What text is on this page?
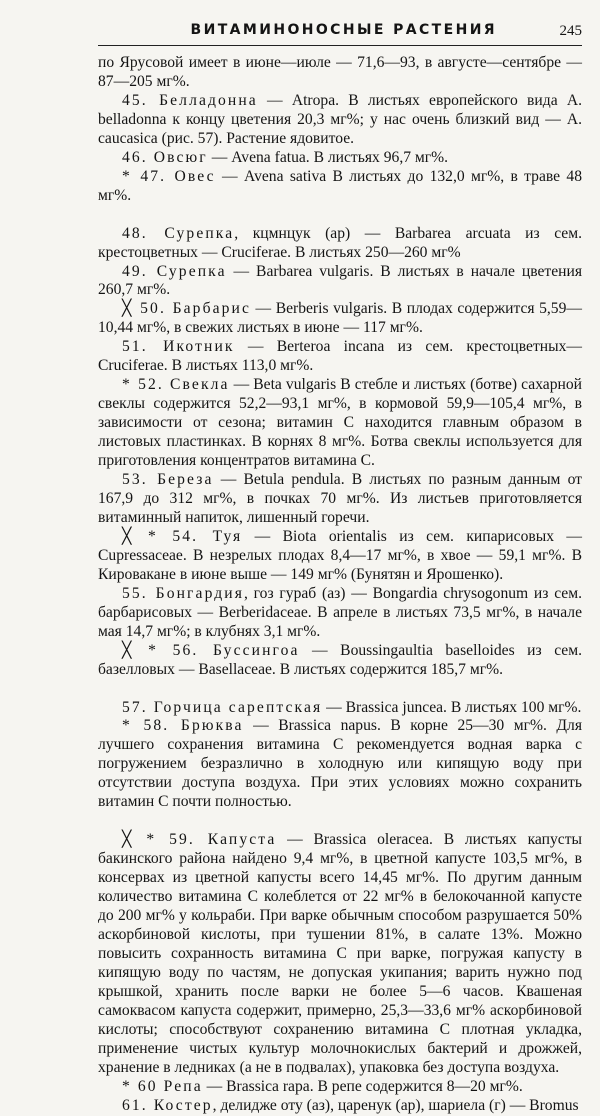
ВИТАМИНОНОСНЫЕ РАСТЕНИЯ	245

по Ярусовой имеет в июне—июле — 71,6—93, в августе—сентябре — 87—205 мг%.

45. Белладонна — Atropa. В листьях европейского вида A. belladonna к концу цветения 20,3 мг%; у нас очень близкий вид — A. caucasica (рис. 57). Растение ядовитое.

46. Овсюг — Avena fatua. В листьях 96,7 мг%.

* 47. Овес — Avena sativa В листьях до 132,0 мг%, в траве 48 мг%.

48. Сурепка, кцмнцук (ар) — Barbarea arcuata из сем. крестоцветных — Cruciferae. В листьях 250—260 мг%

49. Сурепка — Barbarea vulgaris. В листьях в начале цветения 260,7 мг%.

╳ 50. Барбарис — Berberis vulgaris. В плодах содержится 5,59—10,44 мг%, в свежих листьях в июне — 117 мг%.

51. Икотник — Berteroa incana из сем. крестоцветных—Cruciferae. В листьях 113,0 мг%.

* 52. Свекла — Beta vulgaris В стебле и листьях (ботве) сахарной свеклы содержится 52,2—93,1 мг%, в кормовой 59,9—105,4 мг%, в зависимости от сезона; витамин С находится главным образом в листовых пластинках. В корнях 8 мг%. Ботва свеклы используется для приготовления концентратов витамина С.

53. Береза — Betula pendula. В листьях по разным данным от 167,9 до 312 мг%, в почках 70 мг%. Из листьев приготовляется витаминный напиток, лишенный горечи.

╳ * 54. Туя — Biota orientalis из сем. кипарисовых — Cupressaceae. В незрелых плодах 8,4—17 мг%, в хвое — 59,1 мг%. В Кировакане в июне выше — 149 мг% (Бунятян и Ярошенко).

55. Бонгардия, гоз гураб (аз) — Bongardia chrysogonum из сем. барбарисовых — Berberidaceae. В апреле в листьях 73,5 мг%, в начале мая 14,7 мг%; в клубнях 3,1 мг%.

╳ * 56. Буссингоа — Boussingaultia baselloides из сем. базелловых — Basellaceae. В листьях содержится 185,7 мг%.

57. Горчица сарептская — Brassica juncea. В листьях 100 мг%.

* 58. Брюква — Brassica napus. В корне 25—30 мг%. Для лучшего сохранения витамина С рекомендуется водная варка с погружением безразлично в холодную или кипящую воду при отсутствии доступа воздуха. При этих условиях можно сохранить витамин С почти полностью.

╳ * 59. Капуста — Brassica oleracea. В листьях капусты бакинского района найдено 9,4 мг%, в цветной капусте 103,5 мг%, в консервах из цветной капусты всего 14,45 мг%. По другим данным количество витамина С колеблется от 22 мг% в белокочанной капусте до 200 мг% у кольраби. При варке обычным способом разрушается 50% аскорбиновой кислоты, при тушении 81%, в салате 13%. Можно повысить сохранность витамина С при варке, погружая капусту в кипящую воду по частям, не допуская укипания; варить нужно под крышкой, хранить после варки не более 5—6 часов. Квашеная самоквасом капуста содержит, примерно, 25,3—33,6 мг% аскорбиновой кислоты; способствуют сохранению витамина С плотная укладка, применение чистых культур молочнокислых бактерий и дрожжей, хранение в ледниках (а не в подвалах), упаковка без доступа воздуха.

* 60 Репа — Brassica rapa. В репе содержится 8—20 мг%.

61. Костер, делидже оту (аз), царенук (ар), шариела (г) — Bromus
